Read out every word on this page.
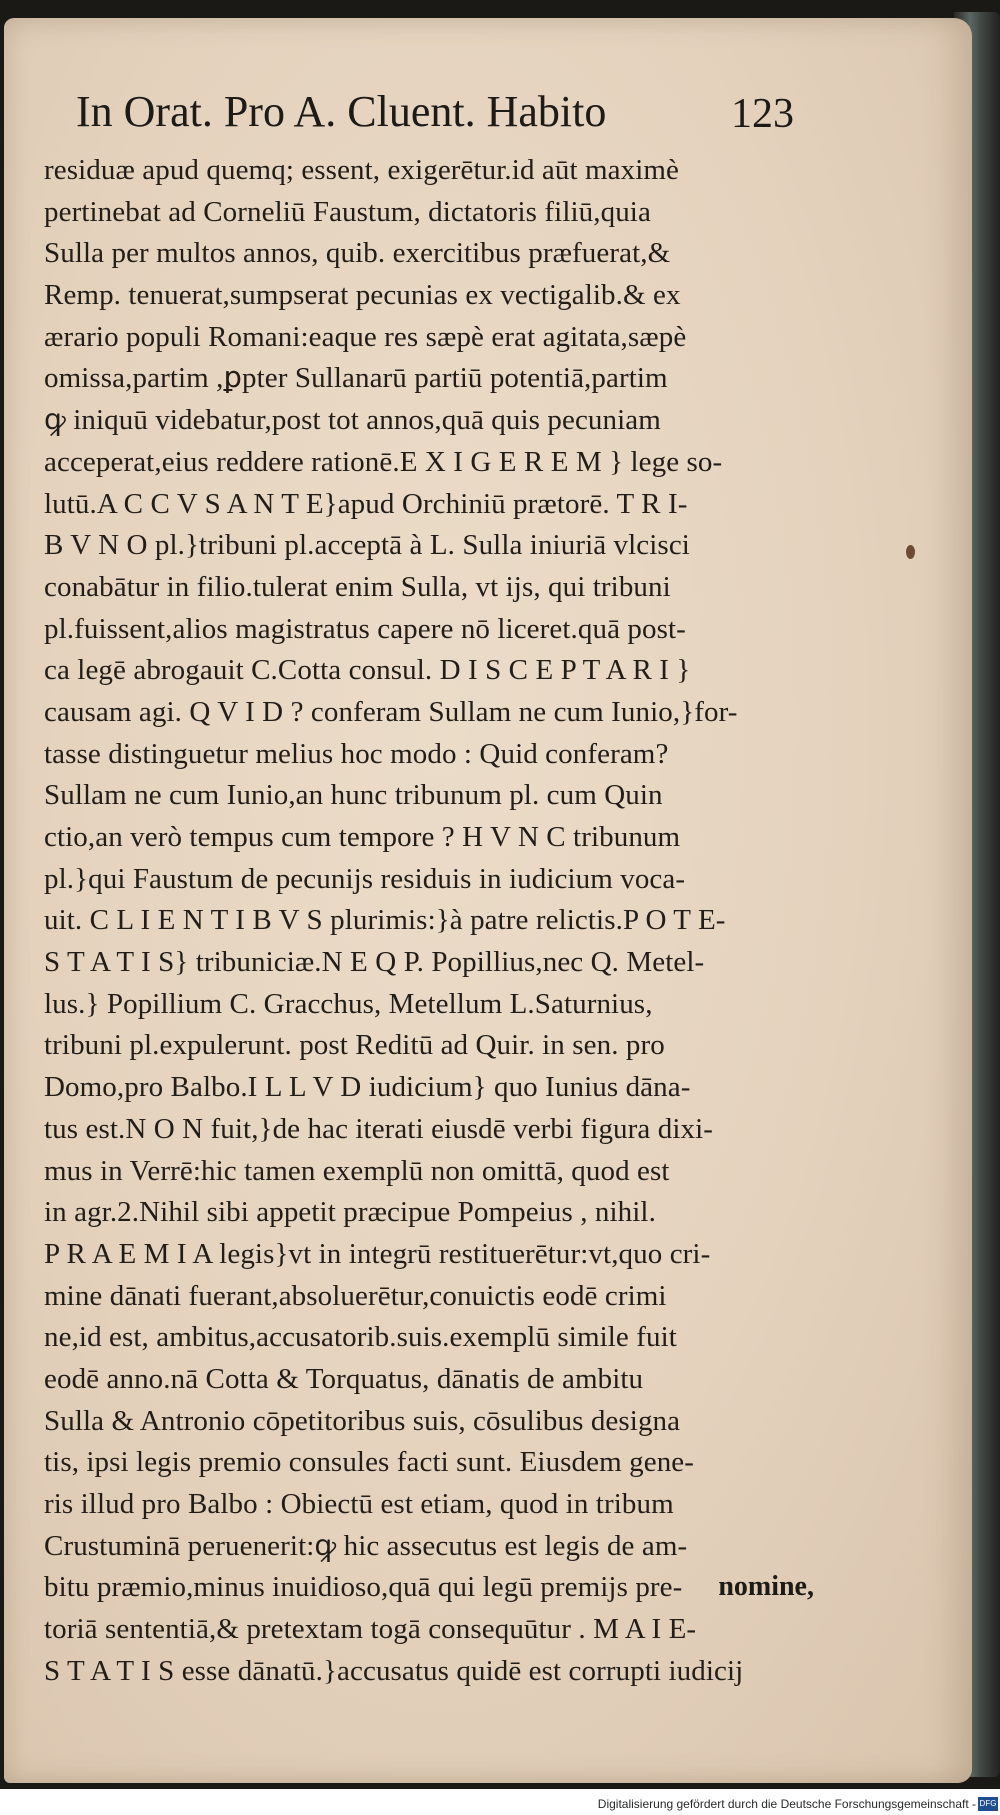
In Orat. Pro A. Cluent. Habito	123
residuæ apud quemq; essent, exigerētur.id aūt maximè
pertinebat ad Corneliū Faustum, dictatoris filiū,quia
Sulla per multos annos, quib. exercitibus præfuerat,&
Remp. tenuerat,sumpserat pecunias ex vectigalib.& ex
ærario populi Romani:eaque res sæpè erat agitata,sæpè
omissa,partim ,ꝑpter Sullanarū partiū potentiā,partim
ꝙ iniquū videbatur,post tot annos,quā quis pecuniam
acceperat,eius reddere rationē.E X I G E R E M } lege so-
lutū.A C C V S A N T E}apud Orchiniū prætorē. T R I-
B V N O pl.}tribuni pl.acceptā à L. Sulla iniuriā vlcisci
conabātur in filio.tulerat enim Sulla, vt ijs, qui tribuni
pl.fuissent,alios magistratus capere nō liceret.quā post-
ca legē abrogauit C.Cotta consul. D I S C E P T A R I }
causam agi. Q V I D ? conferam Sullam ne cum Iunio,}for-
tasse distinguetur melius hoc modo : Quid conferam?
Sullam ne cum Iunio,an hunc tribunum pl. cum Quin
ctio,an verò tempus cum tempore ? H V N C tribunum
pl.}qui Faustum de pecunijs residuis in iudicium voca-
uit. C L I E N T I B V S plurimis:}à patre relictis.P O T E-
S T A T I S} tribuniciæ.N E Q P. Popillius,nec Q. Metel-
lus.} Popillium C. Gracchus, Metellum L.Saturnius,
tribuni pl.expulerunt. post Reditū ad Quir. in sen. pro
Domo,pro Balbo.I L L V D iudicium} quo Iunius dāna-
tus est.N O N fuit,}de hac iterati eiusdē verbi figura dixi-
mus in Verrē:hic tamen exemplū non omittā, quod est
in agr.2.Nihil sibi appetit præcipue Pompeius , nihil.
P R A E M I A legis}vt in integrū restituerētur:vt,quo cri-
mine dānati fuerant,absoluerētur,conuictis eodē crimi
ne,id est, ambitus,accusatorib.suis.exemplū simile fuit
eodē anno.nā Cotta & Torquatus, dānatis de ambitu
Sulla & Antronio cōpetitoribus suis, cōsulibus designa
tis, ipsi legis premio consules facti sunt. Eiusdem gene-
ris illud pro Balbo : Obiectū est etiam, quod in tribum
Crustuminā peruenerit:ꝙ hic assecutus est legis de am-
bitu præmio,minus inuidioso,quā qui legū premijs pre-
toriā sententiā,& pretextam togā consequūtur . M A I E-
S T A T I S esse dānatū.}accusatus quidē est corrupti iudicij
nomine,
Digitalisierung gefördert durch die Deutsche Forschungsgemeinschaft - DFG
